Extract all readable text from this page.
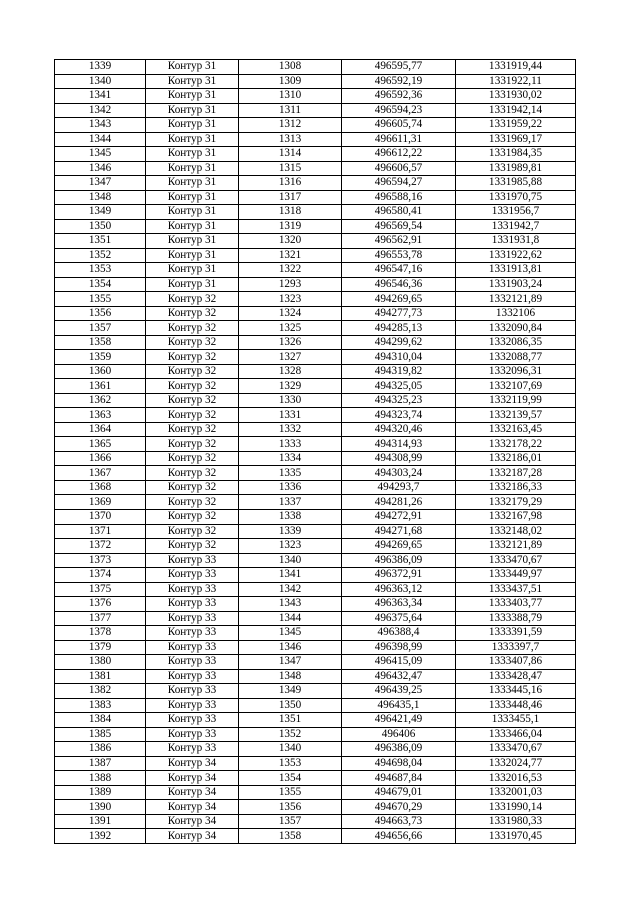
1339	Контур 31	1308	496595,77	1331919,44
1340	Контур 31	1309	496592,19	1331922,11
1341	Контур 31	1310	496592,36	1331930,02
1342	Контур 31	1311	496594,23	1331942,14
1343	Контур 31	1312	496605,74	1331959,22
1344	Контур 31	1313	496611,31	1331969,17
1345	Контур 31	1314	496612,22	1331984,35
1346	Контур 31	1315	496606,57	1331989,81
1347	Контур 31	1316	496594,27	1331985,88
1348	Контур 31	1317	496588,16	1331970,75
1349	Контур 31	1318	496580,41	1331956,7
1350	Контур 31	1319	496569,54	1331942,7
1351	Контур 31	1320	496562,91	1331931,8
1352	Контур 31	1321	496553,78	1331922,62
1353	Контур 31	1322	496547,16	1331913,81
1354	Контур 31	1293	496546,36	1331903,24
1355	Контур 32	1323	494269,65	1332121,89
1356	Контур 32	1324	494277,73	1332106
1357	Контур 32	1325	494285,13	1332090,84
1358	Контур 32	1326	494299,62	1332086,35
1359	Контур 32	1327	494310,04	1332088,77
1360	Контур 32	1328	494319,82	1332096,31
1361	Контур 32	1329	494325,05	1332107,69
1362	Контур 32	1330	494325,23	1332119,99
1363	Контур 32	1331	494323,74	1332139,57
1364	Контур 32	1332	494320,46	1332163,45
1365	Контур 32	1333	494314,93	1332178,22
1366	Контур 32	1334	494308,99	1332186,01
1367	Контур 32	1335	494303,24	1332187,28
1368	Контур 32	1336	494293,7	1332186,33
1369	Контур 32	1337	494281,26	1332179,29
1370	Контур 32	1338	494272,91	1332167,98
1371	Контур 32	1339	494271,68	1332148,02
1372	Контур 32	1323	494269,65	1332121,89
1373	Контур 33	1340	496386,09	1333470,67
1374	Контур 33	1341	496372,91	1333449,97
1375	Контур 33	1342	496363,12	1333437,51
1376	Контур 33	1343	496363,34	1333403,77
1377	Контур 33	1344	496375,64	1333388,79
1378	Контур 33	1345	496388,4	1333391,59
1379	Контур 33	1346	496398,99	1333397,7
1380	Контур 33	1347	496415,09	1333407,86
1381	Контур 33	1348	496432,47	1333428,47
1382	Контур 33	1349	496439,25	1333445,16
1383	Контур 33	1350	496435,1	1333448,46
1384	Контур 33	1351	496421,49	1333455,1
1385	Контур 33	1352	496406	1333466,04
1386	Контур 33	1340	496386,09	1333470,67
1387	Контур 34	1353	494698,04	1332024,77
1388	Контур 34	1354	494687,84	1332016,53
1389	Контур 34	1355	494679,01	1332001,03
1390	Контур 34	1356	494670,29	1331990,14
1391	Контур 34	1357	494663,73	1331980,33
1392	Контур 34	1358	494656,66	1331970,45
